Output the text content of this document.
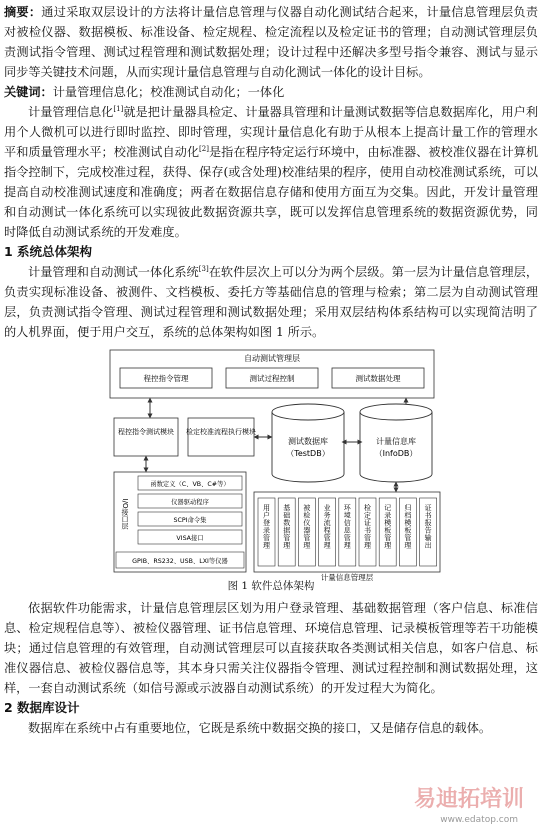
摘要：通过采取双层设计的方法将计量信息管理与仪器自动化测试结合起来，计量信息管理层负责对被检仪器、数据模板、标准设备、检定规程、检定流程以及检定证书的管理；自动测试管理层负责测试指令管理、测试过程管理和测试数据处理；设计过程中还解决多型号指令兼容、测试与显示同步等关键技术问题，从而实现计量信息管理与自动化测试一体化的设计目标。

关键词：计量管理信息化；校准测试自动化；一体化

计量管理信息化[1]就是把计量器具检定、计量器具管理和计量测试数据等信息数据库化，用户利用个人微机可以进行即时监控、即时管理，实现计量信息化有助于从根本上提高计量工作的管理水平和质量管理水平；校准测试自动化[2]是指在程序特定运行环境中，由标准器、被校准仪器在计算机指令控制下，完成校准过程，获得、保存(或含处理)校准结果的程序，使用自动校准测试系统，可以提高自动校准测试速度和准确度；两者在数据信息存储和使用方面互为交集。因此，开发计量管理和自动测试一体化系统可以实现彼此数据资源共享，既可以发挥信息管理系统的数据资源优势，同时降低自动测试系统的开发难度。

1 系统总体架构

计量管理和自动测试一体化系统[3]在软件层次上可以分为两个层级。第一层为计量信息管理层，负责实现标准设备、被测件、文档模板、委托方等基础信息的管理与检索；第二层为自动测试管理层，负责测试指令管理、测试过程管理和测试数据处理；采用双层结构体系结构可以实现简洁明了的人机界面，便于用户交互，系统的总体架构如图 1 所示。

自动测试管理层
程控指令管理	测试过程控制	测试数据处理
程控指令测试模块 检定校准流程执行模块
测试数据库
（TestDB）
计量信息库
（InfoDB）
I/O接口层
函数定义（C、VB、C#等）
仪器驱动程序
SCPI命令集
VISA接口
GPIB、RS232、USB、LXI等仪器
用户登录管理 基础数据管理 被检仪器管理 业务流程管理 环境信息管理 检定证书管理 记录模板管理 归档模板管理 证书报告输出
计量信息管理层
图 1 软件总体架构

依据软件功能需求，计量信息管理层区划为用户登录管理、基础数据管理（客户信息、标准信息、检定规程信息等）、被检仪器管理、证书信息管理、环境信息管理、记录模板管理等若干功能模块；通过信息管理的有效管理，自动测试管理层可以直接获取各类测试相关信息，如客户信息、标准仪器信息、被检仪器信息等，其本身只需关注仪器指令管理、测试过程控制和测试数据处理，这样，一套自动测试系统（如信号源或示波器自动测试系统）的开发过程大为简化。

2 数据库设计

数据库在系统中占有重要地位，它既是系统中数据交换的接口，又是储存信息的载体。

易迪拓培训
www.edatop.com
